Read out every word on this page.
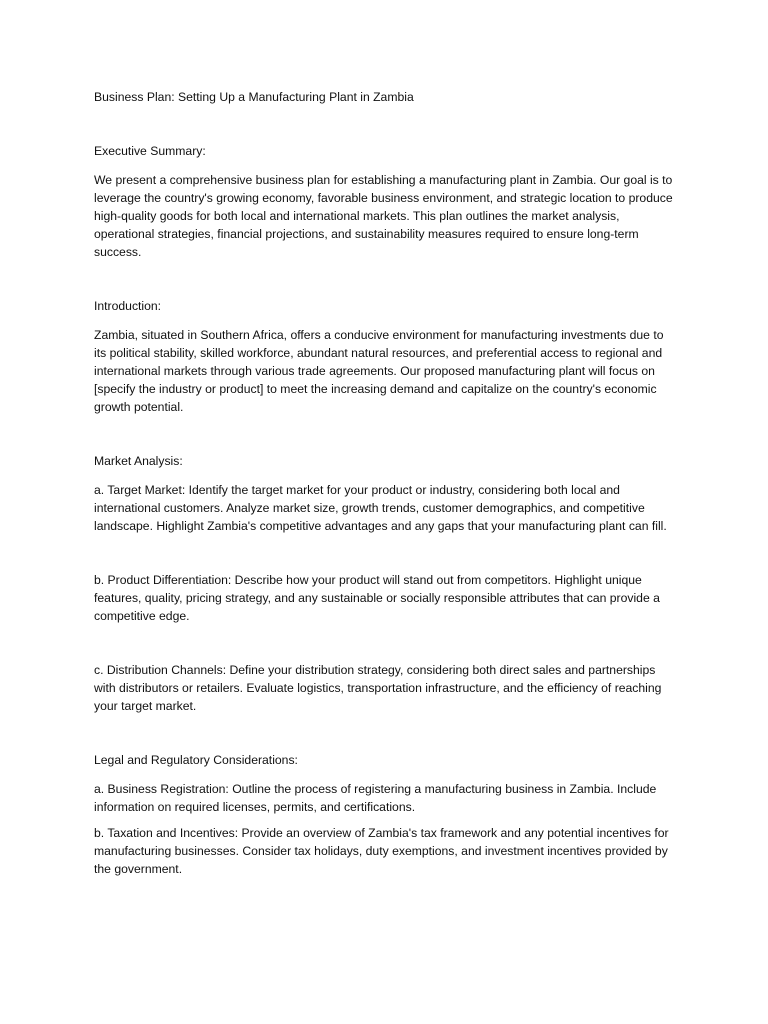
Business Plan: Setting Up a Manufacturing Plant in Zambia
Executive Summary:
We present a comprehensive business plan for establishing a manufacturing plant in Zambia. Our goal is to leverage the country's growing economy, favorable business environment, and strategic location to produce high-quality goods for both local and international markets. This plan outlines the market analysis, operational strategies, financial projections, and sustainability measures required to ensure long-term success.
Introduction:
Zambia, situated in Southern Africa, offers a conducive environment for manufacturing investments due to its political stability, skilled workforce, abundant natural resources, and preferential access to regional and international markets through various trade agreements. Our proposed manufacturing plant will focus on [specify the industry or product] to meet the increasing demand and capitalize on the country's economic growth potential.
Market Analysis:
a. Target Market: Identify the target market for your product or industry, considering both local and international customers. Analyze market size, growth trends, customer demographics, and competitive landscape. Highlight Zambia's competitive advantages and any gaps that your manufacturing plant can fill.
b. Product Differentiation: Describe how your product will stand out from competitors. Highlight unique features, quality, pricing strategy, and any sustainable or socially responsible attributes that can provide a competitive edge.
c. Distribution Channels: Define your distribution strategy, considering both direct sales and partnerships with distributors or retailers. Evaluate logistics, transportation infrastructure, and the efficiency of reaching your target market.
Legal and Regulatory Considerations:
a. Business Registration: Outline the process of registering a manufacturing business in Zambia. Include information on required licenses, permits, and certifications.
b. Taxation and Incentives: Provide an overview of Zambia's tax framework and any potential incentives for manufacturing businesses. Consider tax holidays, duty exemptions, and investment incentives provided by the government.
